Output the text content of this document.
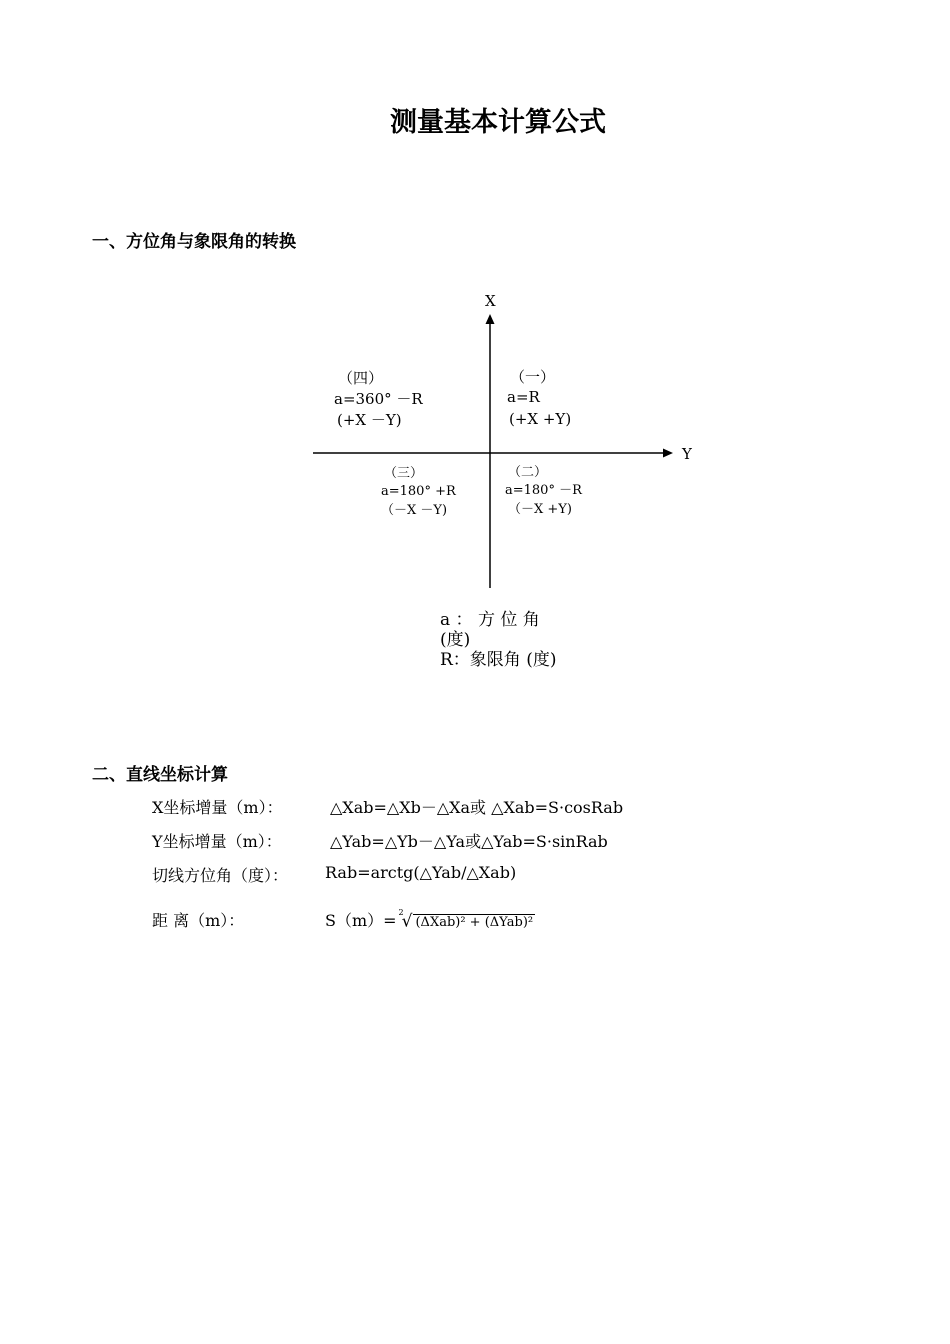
测量基本计算公式
一、方位角与象限角的转换
X
Y
（四）
a=360° －R
(+X －Y)
（一）
a=R
(+X +Y)
（三）
a=180° +R
（－X －Y)
（二）
a=180° －R
（－X +Y)
a ： 方 位 角
(度)
R：象限角 (度)
二、直线坐标计算
X坐标增量（m）：	△Xab=△Xb－△Xa或 △Xab=S·cosRab
Y坐标增量（m）：	△Yab=△Yb－△Ya或△Yab=S·sinRab
切线方位角（度）： Rab=arctg(△Yab/△Xab)
距 离（m）：	S（m）= $^2$√ (ΔXab)² + (ΔYab)²
